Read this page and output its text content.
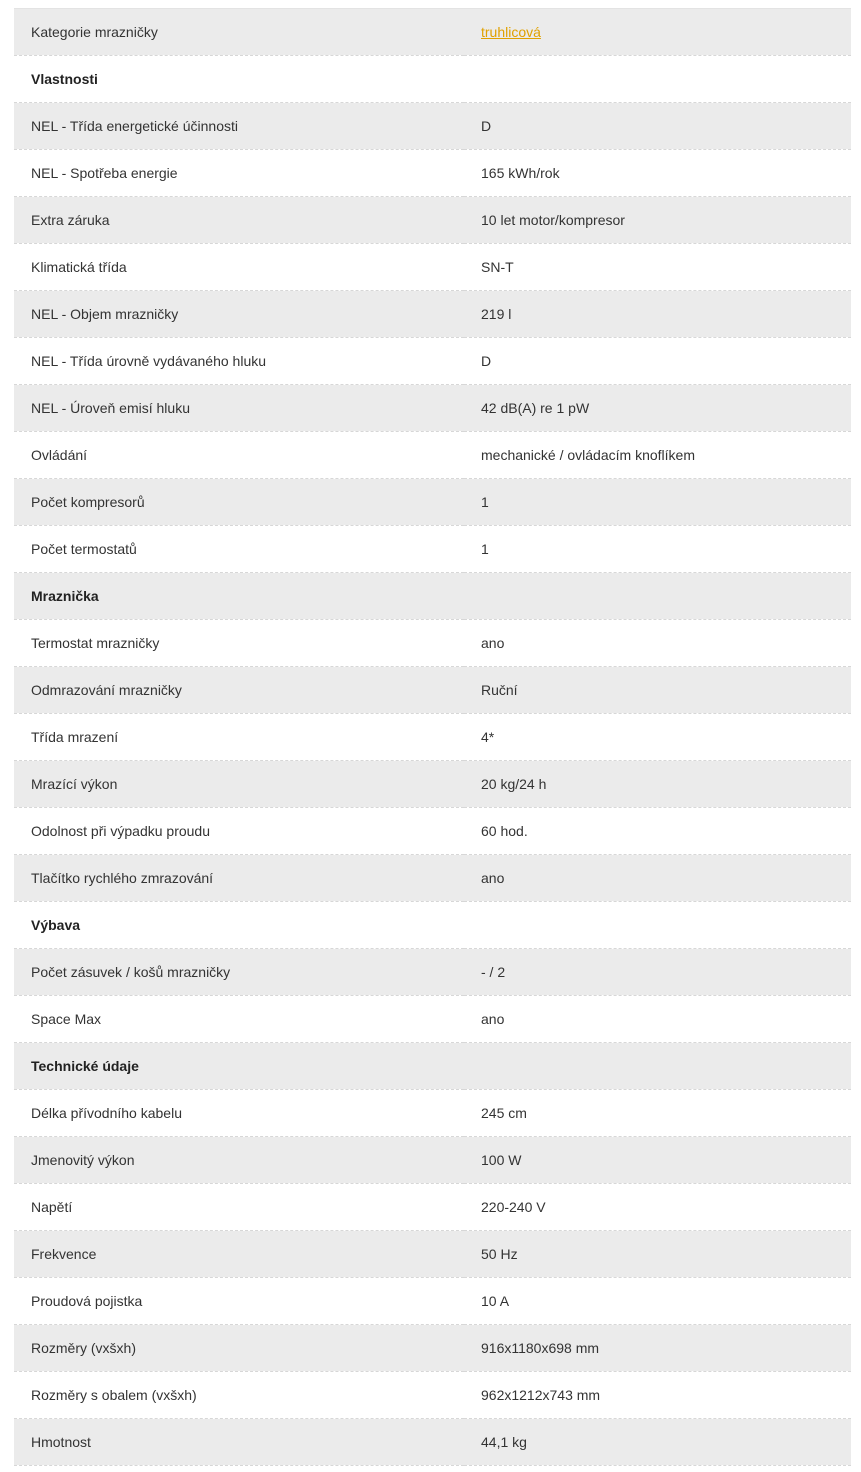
Kategorie mrazničky	truhlicová
Vlastnosti	
NEL - Třída energetické účinnosti	D
NEL - Spotřeba energie	165 kWh/rok
Extra záruka	10 let motor/kompresor
Klimatická třída	SN-T
NEL - Objem mrazničky	219 l
NEL - Třída úrovně vydávaného hluku	D
NEL - Úroveň emisí hluku	42 dB(A) re 1 pW
Ovládání	mechanické / ovládacím knoflíkem
Počet kompresorů	1
Počet termostatů	1
Mraznička	
Termostat mrazničky	ano
Odmrazování mrazničky	Ruční
Třída mrazení	4*
Mrazící výkon	20 kg/24 h
Odolnost při výpadku proudu	60 hod.
Tlačítko rychlého zmrazování	ano
Výbava	
Počet zásuvek / košů mrazničky	- / 2
Space Max	ano
Technické údaje	
Délka přívodního kabelu	245 cm
Jmenovitý výkon	100 W
Napětí	220-240 V
Frekvence	50 Hz
Proudová pojistka	10 A
Rozměry (vxšxh)	916x1180x698 mm
Rozměry s obalem (vxšxh)	962x1212x743 mm
Hmotnost	44,1 kg
